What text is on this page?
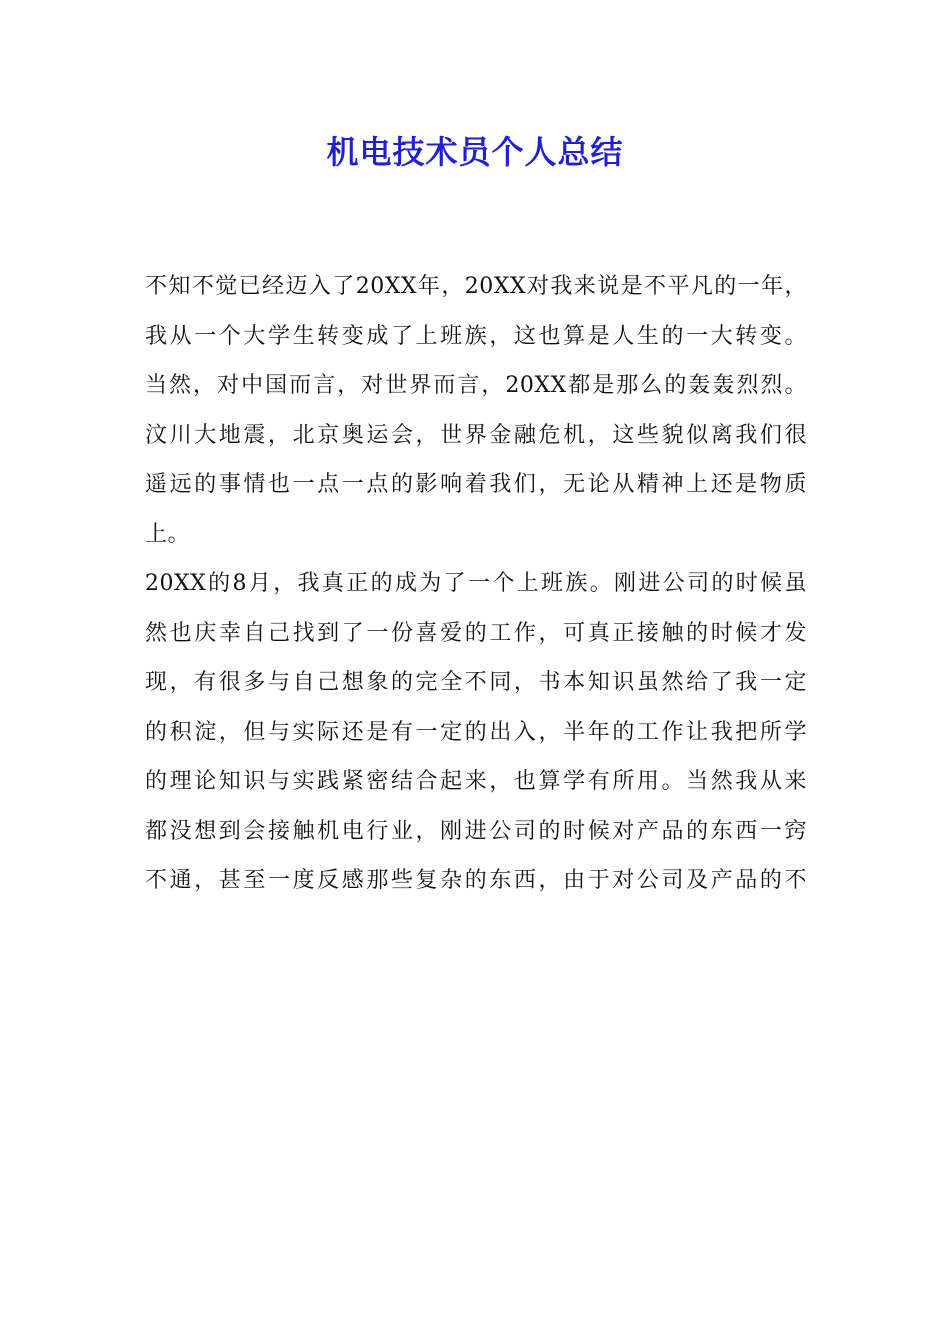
机电技术员个人总结
不知不觉已经迈入了20XX年，20XX对我来说是不平凡的一年，
我从一个大学生转变成了上班族，这也算是人生的一大转变。
当然，对中国而言，对世界而言，20XX都是那么的轰轰烈烈。
汶川大地震，北京奥运会，世界金融危机，这些貌似离我们很
遥远的事情也一点一点的影响着我们，无论从精神上还是物质
上。
20XX的8月，我真正的成为了一个上班族。刚进公司的时候虽
然也庆幸自己找到了一份喜爱的工作，可真正接触的时候才发
现，有很多与自己想象的完全不同，书本知识虽然给了我一定
的积淀，但与实际还是有一定的出入，半年的工作让我把所学
的理论知识与实践紧密结合起来，也算学有所用。当然我从来
都没想到会接触机电行业，刚进公司的时候对产品的东西一窍
不通，甚至一度反感那些复杂的东西，由于对公司及产品的不
